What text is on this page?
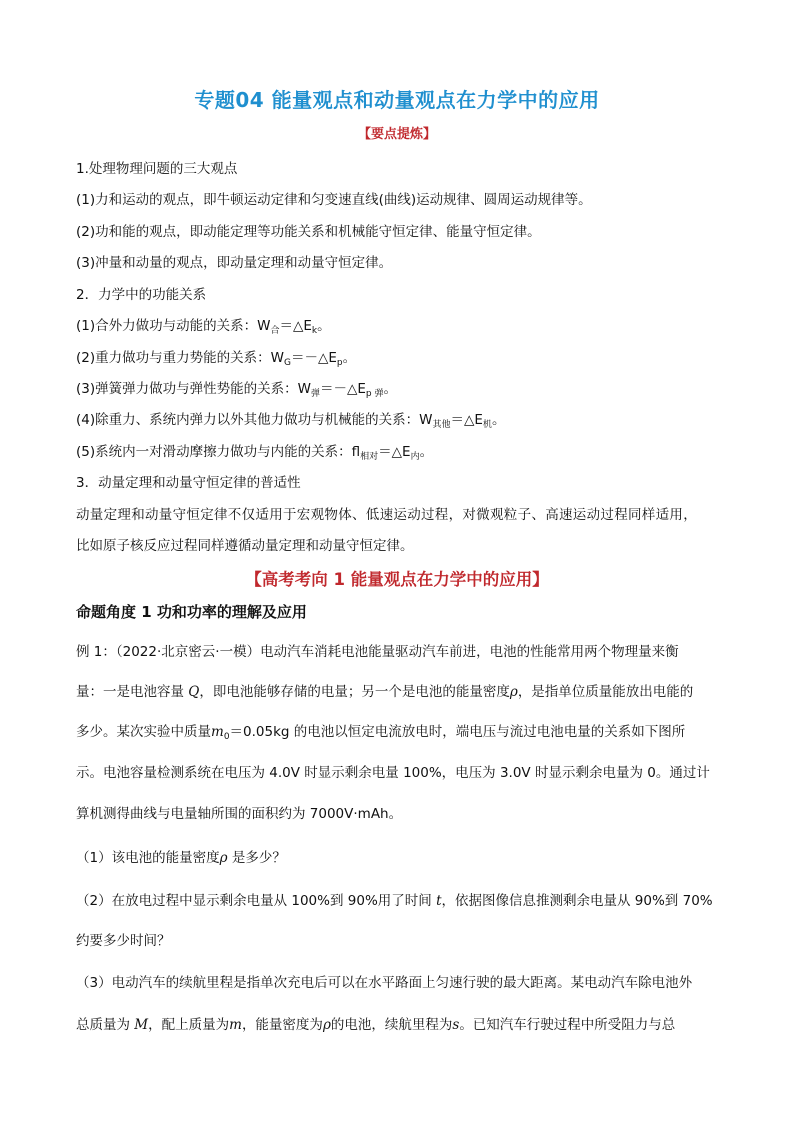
专题04 能量观点和动量观点在力学中的应用
【要点提炼】
1.处理物理问题的三大观点
(1)力和运动的观点，即牛顿运动定律和匀变速直线(曲线)运动规律、圆周运动规律等。
(2)功和能的观点，即动能定理等功能关系和机械能守恒定律、能量守恒定律。
(3)冲量和动量的观点，即动量定理和动量守恒定律。
2．力学中的功能关系
(1)合外力做功与动能的关系：$W_合=\triangle E_k$。
(2)重力做功与重力势能的关系：$W_G=-\triangle E_p$。
(3)弹簧弹力做功与弹性势能的关系：$W_弹=-\triangle E_{p 弹}$。
(4)除重力、系统内弹力以外其他力做功与机械能的关系：$W_{其他}=\triangle E_机$。
(5)系统内一对滑动摩擦力做功与内能的关系：$fl_{相对}=\triangle E_内$。
3．动量定理和动量守恒定律的普适性
动量定理和动量守恒定律不仅适用于宏观物体、低速运动过程，对微观粒子、高速运动过程同样适用，
比如原子核反应过程同样遵循动量定理和动量守恒定律。
【高考考向 1 能量观点在力学中的应用】
命题角度 1 功和功率的理解及应用
例 1：（2022·北京密云·一模）电动汽车消耗电池能量驱动汽车前进，电池的性能常用两个物理量来衡
量：一是电池容量 Q，即电池能够存储的电量；另一个是电池的能量密度ρ，是指单位质量能放出电能的
多少。某次实验中质量$m_0=0.05kg$ 的电池以恒定电流放电时，端电压与流过电池电量的关系如下图所
示。电池容量检测系统在电压为 4.0V 时显示剩余电量 100%，电压为 3.0V 时显示剩余电量为 0。通过计
算机测得曲线与电量轴所围的面积约为 7000V·mAh。
（1）该电池的能量密度ρ 是多少？
（2）在放电过程中显示剩余电量从 100%到 90%用了时间 t，依据图像信息推测剩余电量从 90%到 70%
约要多少时间？
（3）电动汽车的续航里程是指单次充电后可以在水平路面上匀速行驶的最大距离。某电动汽车除电池外
总质量为 M，配上质量为m，能量密度为ρ的电池，续航里程为s。已知汽车行驶过程中所受阻力与总
